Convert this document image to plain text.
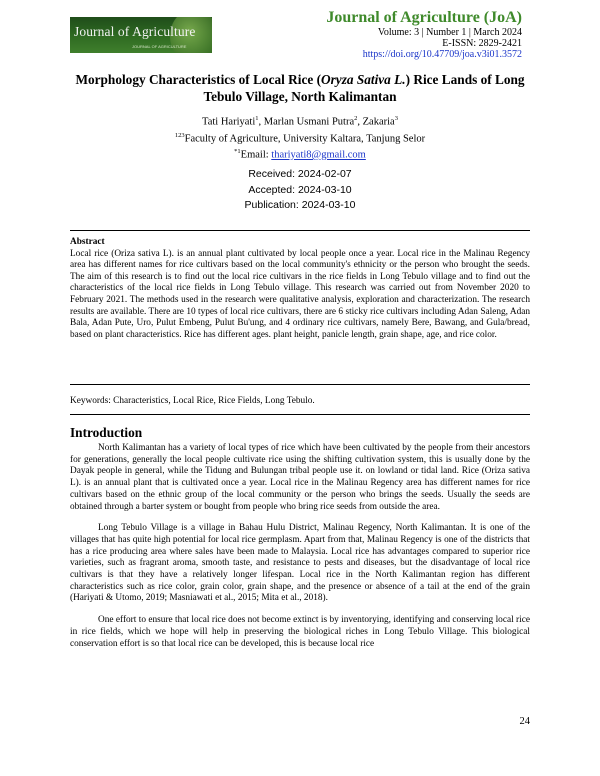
Journal of Agriculture
JOURNAL OF AGRICULTURE
Journal of Agriculture (JoA)
Volume: 3 | Number 1 | March 2024
E-ISSN: 2829-2421
https://doi.org/10.47709/joa.v3i01.3572
Morphology Characteristics of Local Rice (Oryza Sativa L.) Rice Lands of Long Tebulo Village, North Kalimantan
Tati Hariyati$^1$, Marlan Usmani Putra$^2$, Zakaria$^3$
$^{123}$Faculty of Agriculture, University Kaltara, Tanjung Selor
$^{*1}$Email: thariyati8@gmail.com
Received: 2024-02-07
Accepted: 2024-03-10
Publication: 2024-03-10
Abstract

Local rice (Oriza sativa L). is an annual plant cultivated by local people once a year. Local rice in the Malinau Regency area has different names for rice cultivars based on the local community's ethnicity or the person who brought the seeds. The aim of this research is to find out the local rice cultivars in the rice fields in Long Tebulo village and to find out the characteristics of the local rice fields in Long Tebulo village. This research was carried out from November 2020 to February 2021. The methods used in the research were qualitative analysis, exploration and characterization. The research results are available. There are 10 types of local rice cultivars, there are 6 sticky rice cultivars including Adan Saleng, Adan Bala, Adan Pute, Uro, Pulut Embeng, Pulut Bu'ung, and 4 ordinary rice cultivars, namely Bere, Bawang, and Gula/bread, based on plant characteristics. Rice has different ages. plant height, panicle length, grain shape, age, and rice color.

Keywords: Characteristics, Local Rice, Rice Fields, Long Tebulo.
Introduction

North Kalimantan has a variety of local types of rice which have been cultivated by the people from their ancestors for generations, generally the local people cultivate rice using the shifting cultivation system, this is usually done by the Dayak people in general, while the Tidung and Bulungan tribal people use it. on lowland or tidal land. Rice (Oriza sativa L). is an annual plant that is cultivated once a year. Local rice in the Malinau Regency area has different names for rice cultivars based on the ethnic group of the local community or the person who brings the seeds. Usually the seeds are obtained through a barter system or bought from people who bring rice seeds from outside the area.

Long Tebulo Village is a village in Bahau Hulu District, Malinau Regency, North Kalimantan. It is one of the villages that has quite high potential for local rice germplasm. Apart from that, Malinau Regency is one of the districts that has a rice producing area where sales have been made to Malaysia. Local rice has advantages compared to superior rice varieties, such as fragrant aroma, smooth taste, and resistance to pests and diseases, but the disadvantage of local rice cultivars is that they have a relatively longer lifespan. Local rice in the North Kalimantan region has different characteristics such as rice color, grain color, grain shape, and the presence or absence of a tail at the end of the grain (Hariyati & Utomo, 2019; Masniawati et al., 2015; Mita et al., 2018).

One effort to ensure that local rice does not become extinct is by inventorying, identifying and conserving local rice in rice fields, which we hope will help in preserving the biological riches in Long Tebulo Village. This biological conservation effort is so that local rice can be developed, this is because local rice

24
